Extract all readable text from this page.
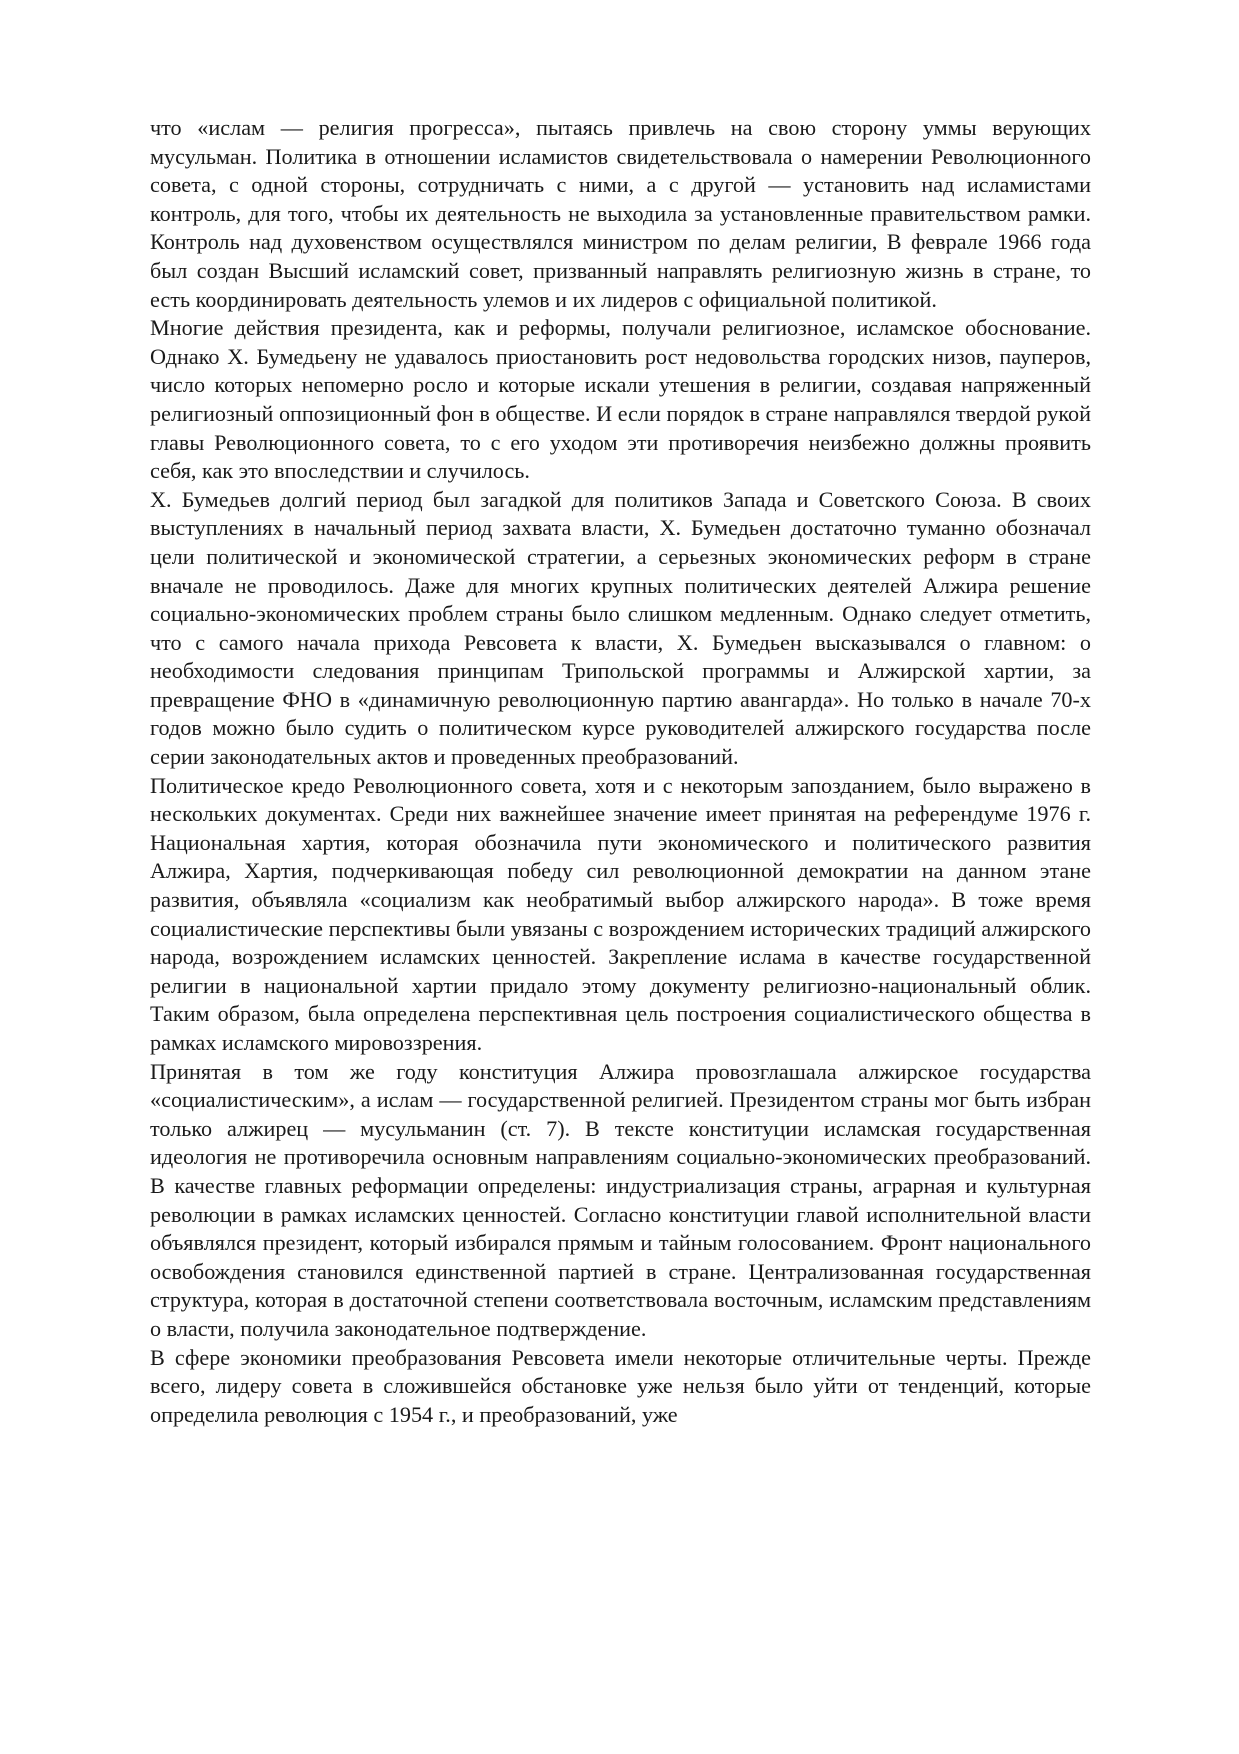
что «ислам — религия прогресса», пытаясь привлечь на свою сторону уммы верующих мусульман. Политика в отношении исламистов свидетельствовала о намерении Революционного совета, с одной стороны, сотрудничать с ними, а с другой — установить над исламистами контроль, для того, чтобы их деятельность не выходила за установленные правительством рамки. Контроль над духовенством осуществлялся министром по делам религии, В феврале 1966 года был создан Высший исламский совет, призванный направлять религиозную жизнь в стране, то есть координировать деятельность улемов и их лидеров с официальной политикой.

Многие действия президента, как и реформы, получали религиозное, исламское обоснование. Однако Х. Бумедьену не удавалось приостановить рост недовольства городских низов, пауперов, число которых непомерно росло и которые искали утешения в религии, создавая напряженный религиозный оппозиционный фон в обществе. И если порядок в стране направлялся твердой рукой главы Революционного совета, то с его уходом эти противоречия неизбежно должны проявить себя, как это впоследствии и случилось.

Х. Бумедьев долгий период был загадкой для политиков Запада и Советского Союза. В своих выступлениях в начальный период захвата власти, Х. Бумедьен достаточно туманно обозначал цели политической и экономической стратегии, а серьезных экономических реформ в стране вначале не проводилось. Даже для многих крупных политических деятелей Алжира решение социально-экономических проблем страны было слишком медленным. Однако следует отметить, что с самого начала прихода Ревсовета к власти, Х. Бумедьен высказывался о главном: о необходимости следования принципам Трипольской программы и Алжирской хартии, за превращение ФНО в «динамичную революционную партию авангарда». Но только в начале 70-х годов можно было судить о политическом курсе руководителей алжирского государства после серии законодательных актов и проведенных преобразований.

Политическое кредо Революционного совета, хотя и с некоторым запозданием, было выражено в нескольких документах. Среди них важнейшее значение имеет принятая на референдуме 1976 г. Национальная хартия, которая обозначила пути экономического и политического развития Алжира, Хартия, подчеркивающая победу сил революционной демократии на данном этане развития, объявляла «социализм как необратимый выбор алжирского народа». В тоже время социалистические перспективы были увязаны с возрождением исторических традиций алжирского народа, возрождением исламских ценностей. Закрепление ислама в качестве государственной религии в национальной хартии придало этому документу религиозно-национальный облик. Таким образом, была определена перспективная цель построения социалистического общества в рамках исламского мировоззрения.

Принятая в том же году конституция Алжира провозглашала алжирское государства «социалистическим», а ислам — государственной религией. Президентом страны мог быть избран только алжирец — мусульманин (ст. 7). В тексте конституции исламская государственная идеология не противоречила основным направлениям социально-экономических преобразований. В качестве главных реформации определены: индустриализация страны, аграрная и культурная революции в рамках исламских ценностей. Согласно конституции главой исполнительной власти объявлялся президент, который избирался прямым и тайным голосованием. Фронт национального освобождения становился единственной партией в стране. Централизованная государственная структура, которая в достаточной степени соответствовала восточным, исламским представлениям о власти, получила законодательное подтверждение.

В сфере экономики преобразования Ревсовета имели некоторые отличительные черты. Прежде всего, лидеру совета в сложившейся обстановке уже нельзя было уйти от тенденций, которые определила революция с 1954 г., и преобразований, уже
